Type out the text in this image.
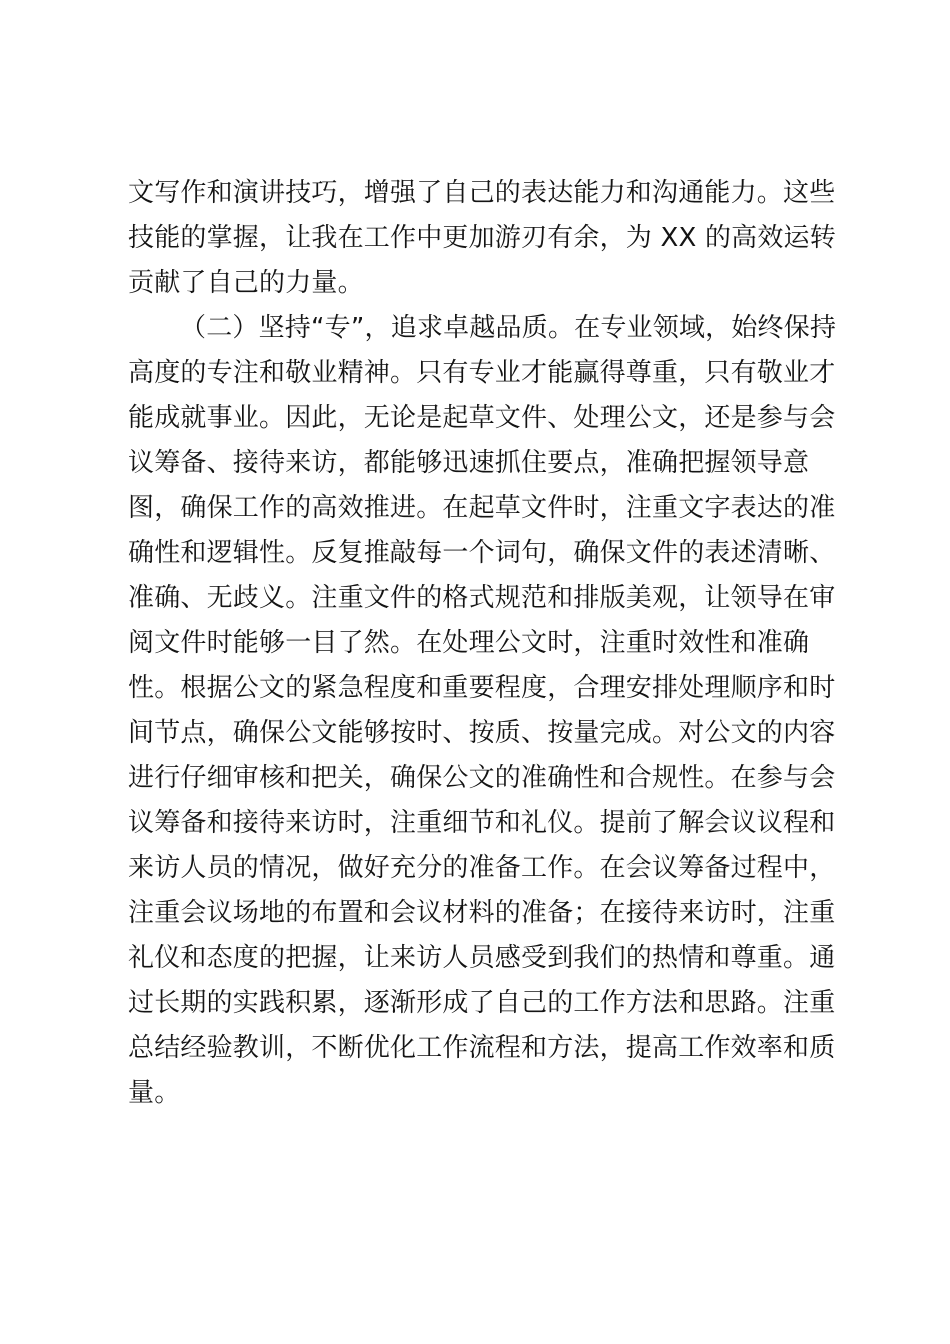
文写作和演讲技巧，增强了自己的表达能力和沟通能力。这些
技能的掌握，让我在工作中更加游刃有余，为 XX 的高效运转
贡献了自己的力量。
（二）坚持“专”，追求卓越品质。在专业领域，始终保持
高度的专注和敬业精神。只有专业才能赢得尊重，只有敬业才
能成就事业。因此，无论是起草文件、处理公文，还是参与会
议筹备、接待来访，都能够迅速抓住要点，准确把握领导意
图，确保工作的高效推进。在起草文件时，注重文字表达的准
确性和逻辑性。反复推敲每一个词句，确保文件的表述清晰、
准确、无歧义。注重文件的格式规范和排版美观，让领导在审
阅文件时能够一目了然。在处理公文时，注重时效性和准确
性。根据公文的紧急程度和重要程度，合理安排处理顺序和时
间节点，确保公文能够按时、按质、按量完成。对公文的内容
进行仔细审核和把关，确保公文的准确性和合规性。在参与会
议筹备和接待来访时，注重细节和礼仪。提前了解会议议程和
来访人员的情况，做好充分的准备工作。在会议筹备过程中，
注重会议场地的布置和会议材料的准备；在接待来访时，注重
礼仪和态度的把握，让来访人员感受到我们的热情和尊重。通
过长期的实践积累，逐渐形成了自己的工作方法和思路。注重
总结经验教训，不断优化工作流程和方法，提高工作效率和质
量。
